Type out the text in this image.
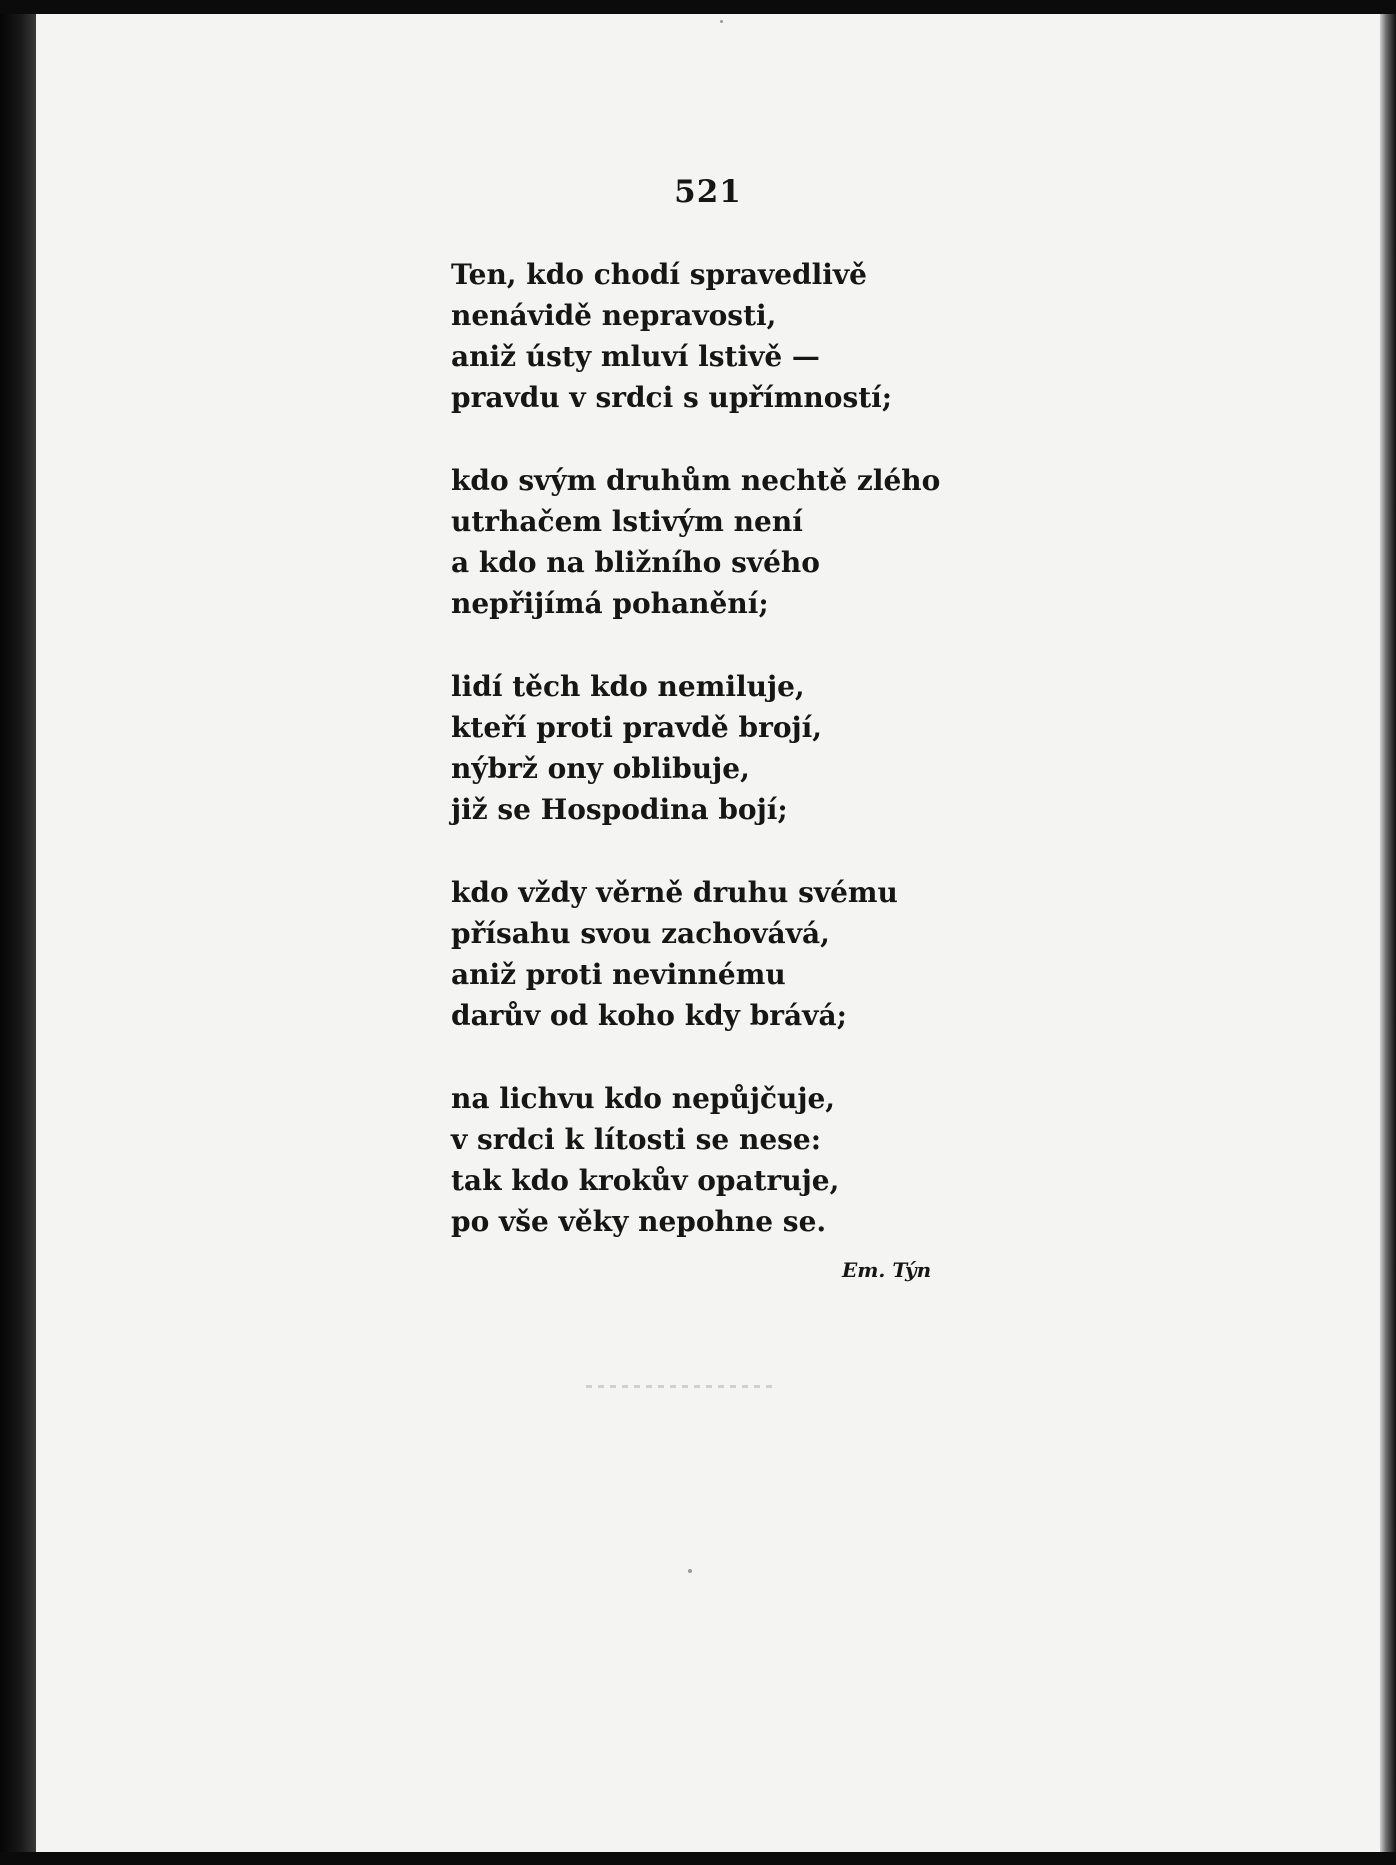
521
Ten, kdo chodí spravedlivě
nenávidě nepravosti,
aniž ústy mluví lstivě —
pravdu v srdci s upřímností;
kdo svým druhům nechtě zlého
utrhačem lstivým není
a kdo na bližního svého
nepřijímá pohanění;
lidí těch kdo nemiluje,
kteří proti pravdě brojí,
nýbrž ony oblibuje,
již se Hospodina bojí;
kdo vždy věrně druhu svému
přísahu svou zachovává,
aniž proti nevinnému
darův od koho kdy brává;
na lichvu kdo nepůjčuje,
v srdci k lítosti se nese:
tak kdo krokův opatruje,
po vše věky nepohne se.
Em. Týn
